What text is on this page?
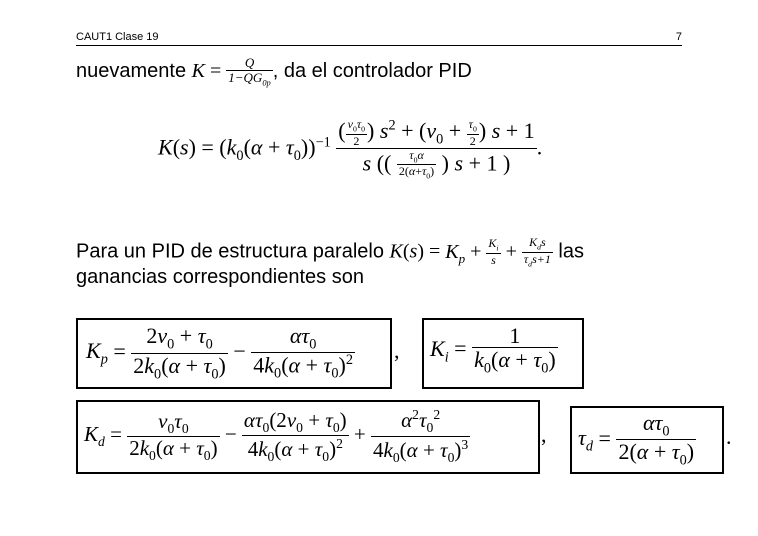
CAUT1 Clase 19	7
nuevamente $K = \frac{Q}{1-QG_{0p}}$ , da el controlador PID
$K(s) = (k_0(\alpha + \tau_0))^{-1} \frac{( \frac{\nu_0\tau_0}{2} ) s^2 + (\nu_0 + \frac{\tau_0}{2} ) s + 1}{s (( \frac{\tau_0\alpha}{2(\alpha+\tau_0)} ) s + 1 )}$ .
Para un PID de estructura paralelo $K(s) = K_p + \frac{K_i}{s} + \frac{K_ds}{\tau_ds+1}$ las
ganancias correspondientes son
$K_p = \frac{2\nu_0 + \tau_0}{2k_0(\alpha + \tau_0)} - \frac{\alpha\tau_0}{4k_0(\alpha + \tau_0)^2}$ , $K_i = \frac{1}{k_0(\alpha + \tau_0)}$
$K_d = \frac{\nu_0\tau_0}{2k_0(\alpha + \tau_0)} - \frac{\alpha\tau_0(2\nu_0 + \tau_0)}{4k_0(\alpha + \tau_0)^2} + \frac{\alpha^2\tau_0^2}{4k_0(\alpha + \tau_0)^3}$	, $\tau_d = \frac{\alpha\tau_0}{2(\alpha + \tau_0)}$ .
